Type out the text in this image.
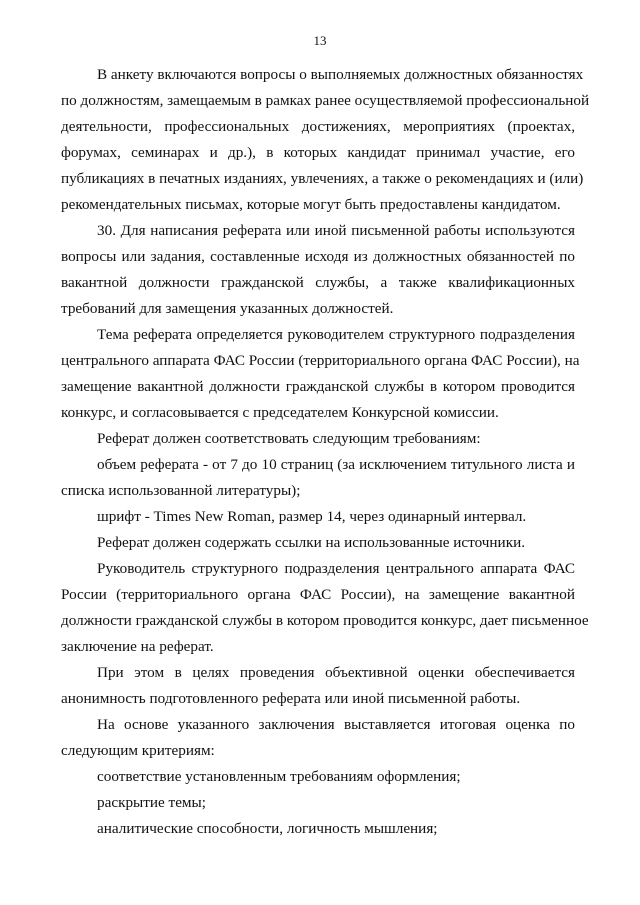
13
В анкету включаются вопросы о выполняемых должностных обязанностях
по должностям, замещаемым в рамках ранее осуществляемой профессиональной
деятельности, профессиональных достижениях, мероприятиях (проектах,
форумах, семинарах и др.), в которых кандидат принимал участие, его
публикациях в печатных изданиях, увлечениях, а также о рекомендациях и (или)
рекомендательных письмах, которые могут быть предоставлены кандидатом.
30. Для написания реферата или иной письменной работы используются
вопросы или задания, составленные исходя из должностных обязанностей по
вакантной должности гражданской службы, а также квалификационных
требований для замещения указанных должностей.
Тема реферата определяется руководителем структурного подразделения
центрального аппарата ФАС России (территориального органа ФАС России), на
замещение вакантной должности гражданской службы в котором проводится
конкурс, и согласовывается с председателем Конкурсной комиссии.
Реферат должен соответствовать следующим требованиям:
объем реферата - от 7 до 10 страниц (за исключением титульного листа и
списка использованной литературы);
шрифт - Times New Roman, размер 14, через одинарный интервал.
Реферат должен содержать ссылки на использованные источники.
Руководитель структурного подразделения центрального аппарата ФАС
России (территориального органа ФАС России), на замещение вакантной
должности гражданской службы в котором проводится конкурс, дает письменное
заключение на реферат.
При этом в целях проведения объективной оценки обеспечивается
анонимность подготовленного реферата или иной письменной работы.
На основе указанного заключения выставляется итоговая оценка по
следующим критериям:
соответствие установленным требованиям оформления;
раскрытие темы;
аналитические способности, логичность мышления;
